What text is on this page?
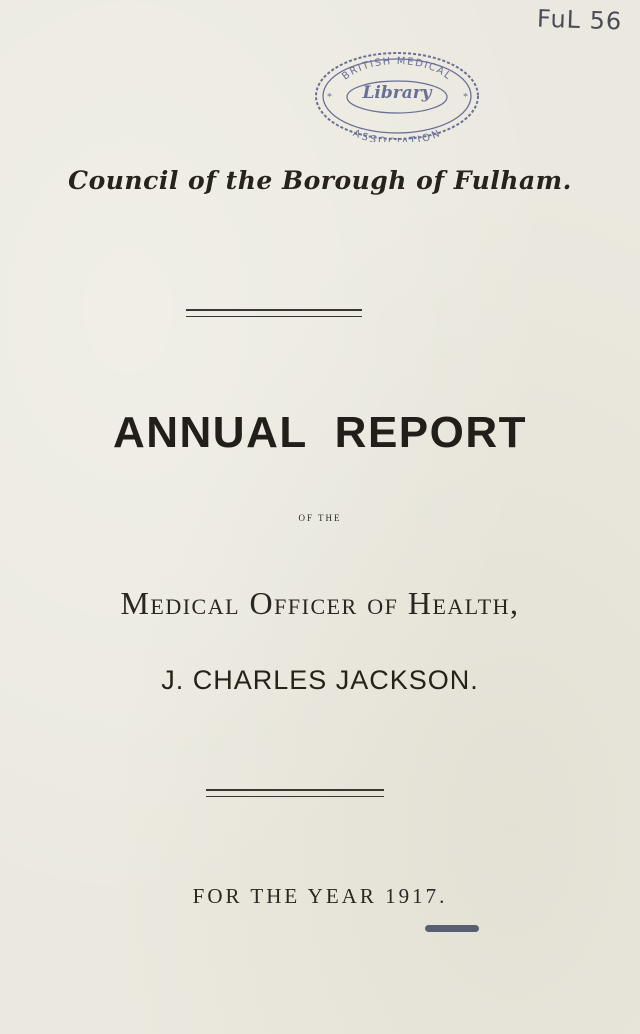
FuL 56
BRITISH MEDICAL
ASSO TION
*	*
Library
Council of the Borough of Fulham.
ANNUAL REPORT
OF THE
Medical Officer of Health,
J. CHARLES JACKSON.
FOR THE YEAR 1917.
